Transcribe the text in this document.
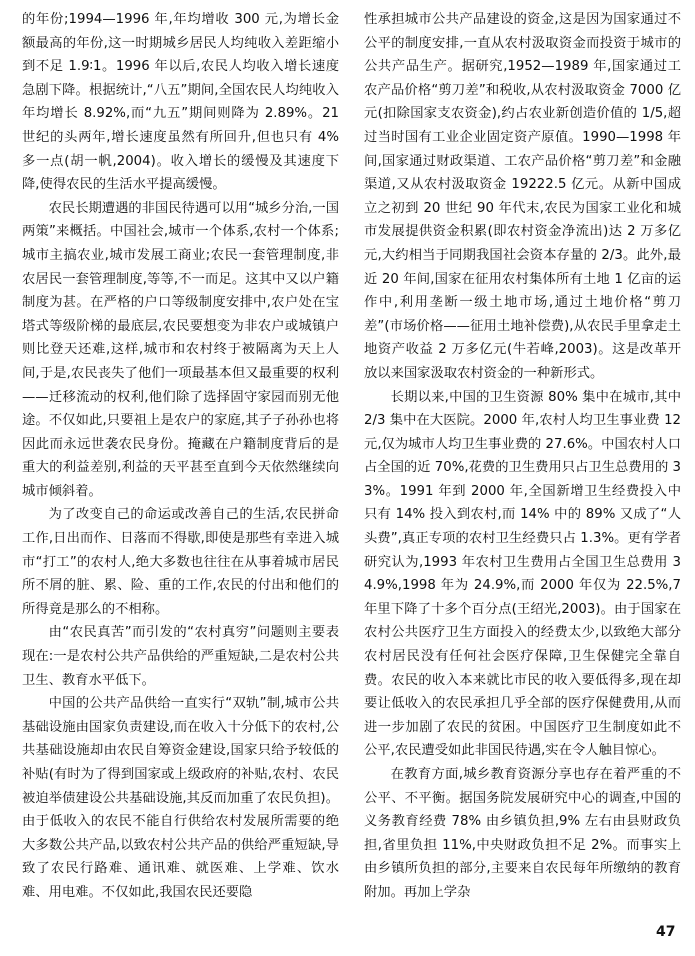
的年份;1994—1996 年,年均增收 300 元,为增长金额最高的年份,这一时期城乡居民人均纯收入差距缩小到不足 1.9∶1。1996 年以后,农民人均收入增长速度急剧下降。根据统计,“八五”期间,全国农民人均纯收入年均增长 8.92%,而“九五”期间则降为 2.89%。21 世纪的头两年,增长速度虽然有所回升,但也只有 4% 多一点(胡一帆,2004)。收入增长的缓慢及其速度下降,使得农民的生活水平提高缓慢。

农民长期遭遇的非国民待遇可以用“城乡分治,一国两策”来概括。中国社会,城市一个体系,农村一个体系;城市主搞农业,城市发展工商业;农民一套管理制度,非农居民一套管理制度,等等,不一而足。这其中又以户籍制度为甚。在严格的户口等级制度安排中,农户处在宝塔式等级阶梯的最底层,农民要想变为非农户或城镇户则比登天还难,这样,城市和农村终于被隔离为天上人间,于是,农民丧失了他们一项最基本但又最重要的权利——迁移流动的权利,他们除了选择固守家园而别无他途。不仅如此,只要祖上是农户的家庭,其子子孙孙也将因此而永远世袭农民身份。掩藏在户籍制度背后的是重大的利益差别,利益的天平甚至直到今天依然继续向城市倾斜着。

为了改变自己的命运或改善自己的生活,农民拼命工作,日出而作、日落而不得歇,即使是那些有幸进入城市“打工”的农村人,绝大多数也往往在从事着城市居民所不屑的脏、累、险、重的工作,农民的付出和他们的所得竟是那么的不相称。

由“农民真苦”而引发的“农村真穷”问题则主要表现在:一是农村公共产品供给的严重短缺,二是农村公共卫生、教育水平低下。

中国的公共产品供给一直实行“双轨”制,城市公共基础设施由国家负责建设,而在收入十分低下的农村,公共基础设施却由农民自筹资金建设,国家只给予较低的补贴(有时为了得到国家或上级政府的补贴,农村、农民被迫举债建设公共基础设施,其反而加重了农民负担)。由于低收入的农民不能自行供给农村发展所需要的绝大多数公共产品,以致农村公共产品的供给严重短缺,导致了农民行路难、通讯难、就医难、上学难、饮水难、用电难。不仅如此,我国农民还要隐

性承担城市公共产品建设的资金,这是因为国家通过不公平的制度安排,一直从农村汲取资金而投资于城市的公共产品生产。据研究,1952—1989 年,国家通过工农产品价格“剪刀差”和税收,从农村汲取资金 7000 亿元(扣除国家支农资金),约占农业新创造价值的 1/5,超过当时国有工业企业固定资产原值。1990—1998 年间,国家通过财政渠道、工农产品价格“剪刀差”和金融渠道,又从农村汲取资金 19222.5 亿元。从新中国成立之初到 20 世纪 90 年代末,农民为国家工业化和城市发展提供资金积累(即农村资金净流出)达 2 万多亿元,大约相当于同期我国社会资本存量的 2/3。此外,最近 20 年间,国家在征用农村集体所有土地 1 亿亩的运作中,利用垄断一级土地市场,通过土地价格“剪刀差”(市场价格——征用土地补偿费),从农民手里拿走土地资产收益 2 万多亿元(牛若峰,2003)。这是改革开放以来国家汲取农村资金的一种新形式。

长期以来,中国的卫生资源 80% 集中在城市,其中 2/3 集中在大医院。2000 年,农村人均卫生事业费 12 元,仅为城市人均卫生事业费的 27.6%。中国农村人口占全国的近 70%,花费的卫生费用只占卫生总费用的 33%。1991 年到 2000 年,全国新增卫生经费投入中只有 14% 投入到农村,而 14% 中的 89% 又成了“人头费”,真正专项的农村卫生经费只占 1.3%。更有学者研究认为,1993 年农村卫生费用占全国卫生总费用 34.9%,1998 年为 24.9%,而 2000 年仅为 22.5%,7 年里下降了十多个百分点(王绍光,2003)。由于国家在农村公共医疗卫生方面投入的经费太少,以致绝大部分农村居民没有任何社会医疗保障,卫生保健完全靠自费。农民的收入本来就比市民的收入要低得多,现在却要让低收入的农民承担几乎全部的医疗保健费用,从而进一步加剧了农民的贫困。中国医疗卫生制度如此不公平,农民遭受如此非国民待遇,实在令人触目惊心。

在教育方面,城乡教育资源分享也存在着严重的不公平、不平衡。据国务院发展研究中心的调查,中国的义务教育经费 78% 由乡镇负担,9% 左右由县财政负担,省里负担 11%,中央财政负担不足 2%。而事实上由乡镇所负担的部分,主要来自农民每年所缴纳的教育附加。再加上学杂

47
